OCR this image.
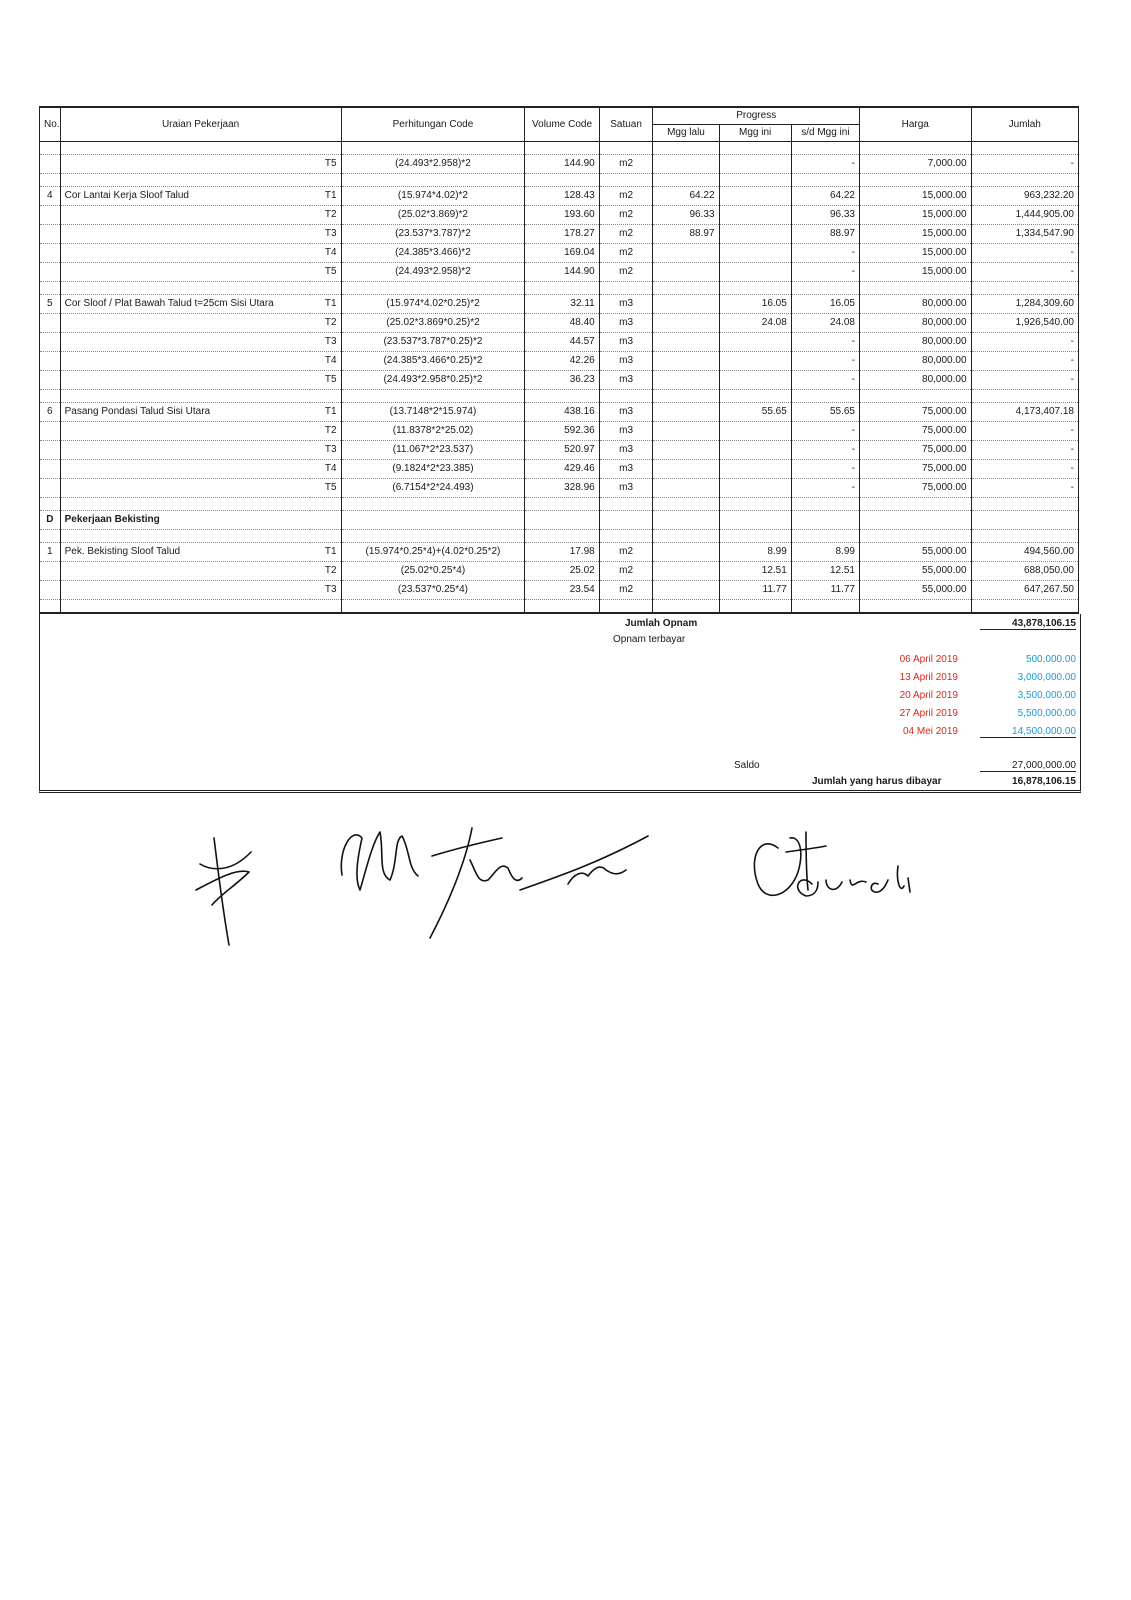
No.	Uraian Pekerjaan		Perhitungan Code	Volume Code	Satuan	Progress			Harga	Jumlah
						Mgg lalu	Mgg ini	s/d Mgg ini		

		T5	(24.493*2.958)*2	144.90	m2			-	7,000.00	-

4	Cor Lantai Kerja Sloof Talud	T1	(15.974*4.02)*2	128.43	m2	64.22		64.22	15,000.00	963,232.20
		T2	(25.02*3.869)*2	193.60	m2	96.33		96.33	15,000.00	1,444,905.00
		T3	(23.537*3.787)*2	178.27	m2	88.97		88.97	15,000.00	1,334,547.90
		T4	(24.385*3.466)*2	169.04	m2			-	15,000.00	-
		T5	(24.493*2.958)*2	144.90	m2			-	15,000.00	-

5	Cor Sloof / Plat Bawah Talud t=25cm Sisi Utara	T1	(15.974*4.02*0.25)*2	32.11	m3		16.05	16.05	80,000.00	1,284,309.60
		T2	(25.02*3.869*0.25)*2	48.40	m3		24.08	24.08	80,000.00	1,926,540.00
		T3	(23.537*3.787*0.25)*2	44.57	m3			-	80,000.00	-
		T4	(24.385*3.466*0.25)*2	42.26	m3			-	80,000.00	-
		T5	(24.493*2.958*0.25)*2	36.23	m3			-	80,000.00	-

6	Pasang Pondasi Talud Sisi Utara	T1	(13.7148*2*15.974)	438.16	m3		55.65	55.65	75,000.00	4,173,407.18
		T2	(11.8378*2*25.02)	592.36	m3			-	75,000.00	-
		T3	(11.067*2*23.537)	520.97	m3			-	75,000.00	-
		T4	(9.1824*2*23.385)	429.46	m3			-	75,000.00	-
		T5	(6.7154*2*24.493)	328.96	m3			-	75,000.00	-

D	Pekerjaan Bekisting									

1	Pek. Bekisting Sloof Talud	T1	(15.974*0.25*4)+(4.02*0.25*2)	17.98	m2		8.99	8.99	55,000.00	494,560.00
		T2	(25.02*0.25*4)	25.02	m2		12.51	12.51	55,000.00	688,050.00
		T3	(23.537*0.25*4)	23.54	m2		11.77	11.77	55,000.00	647,267.50

Jumlah Opnam	43,878,106.15
Opnam terbayar
06 April 2019	500,000.00
13 April 2019	3,000,000.00
20 April 2019	3,500,000.00
27 April 2019	5,500,000.00
04 Mei 2019	14,500,000.00
Saldo	27,000,000.00
Jumlah yang harus dibayar	16,878,106.15
Gunadi
